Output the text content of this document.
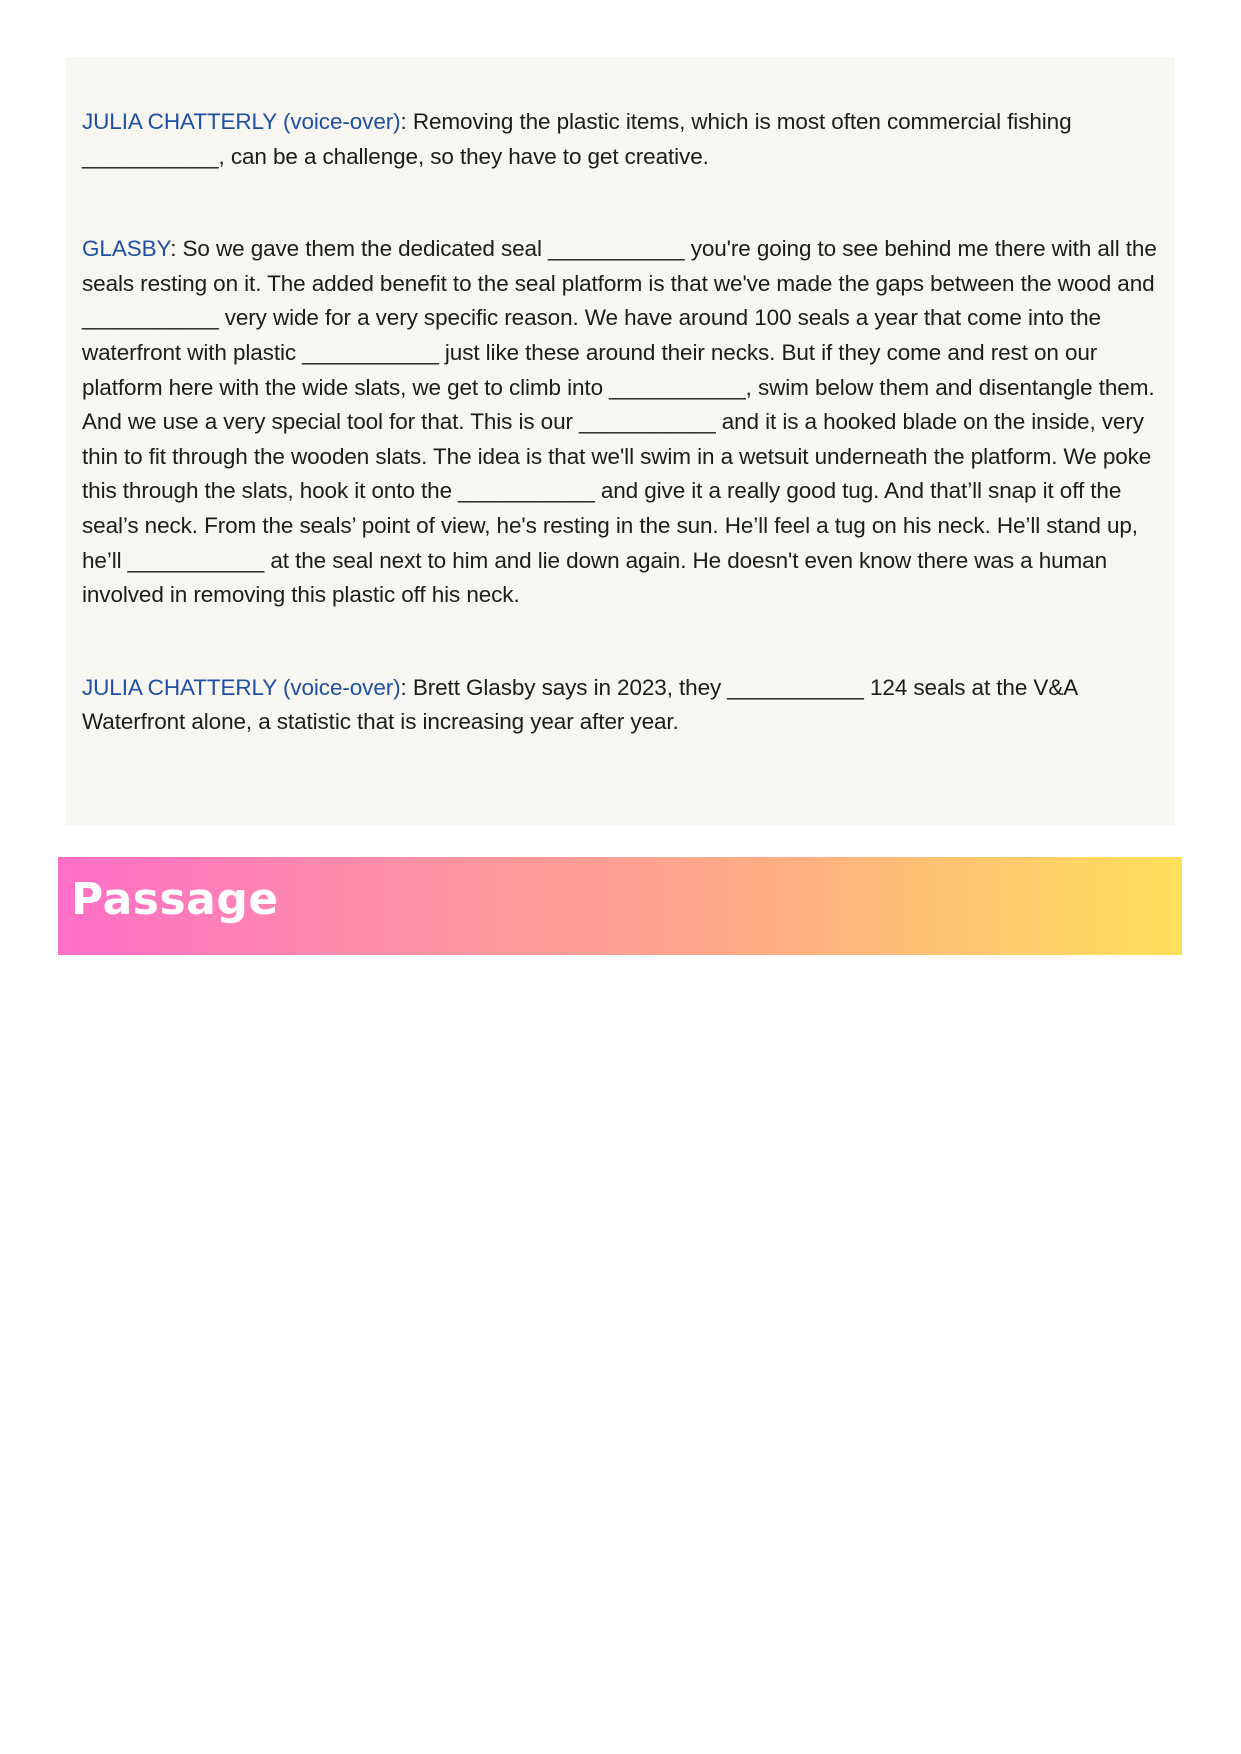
JULIA CHATTERLY (voice-over): Removing the plastic items, which is most often commercial fishing ___________, can be a challenge, so they have to get creative.

GLASBY: So we gave them the dedicated seal ___________ you're going to see behind me there with all the seals resting on it. The added benefit to the seal platform is that we've made the gaps between the wood and ___________ very wide for a very specific reason. We have around 100 seals a year that come into the waterfront with plastic ___________ just like these around their necks. But if they come and rest on our platform here with the wide slats, we get to climb into ___________, swim below them and disentangle them. And we use a very special tool for that. This is our ___________ and it is a hooked blade on the inside, very thin to fit through the wooden slats. The idea is that we'll swim in a wetsuit underneath the platform. We poke this through the slats, hook it onto the ___________ and give it a really good tug. And that’ll snap it off the seal’s neck. From the seals’ point of view, he's resting in the sun. He’ll feel a tug on his neck. He’ll stand up, he’ll ___________ at the seal next to him and lie down again. He doesn't even know there was a human involved in removing this plastic off his neck.

JULIA CHATTERLY (voice-over): Brett Glasby says in 2023, they ___________ 124 seals at the V&A Waterfront alone, a statistic that is increasing year after year.

Passage
